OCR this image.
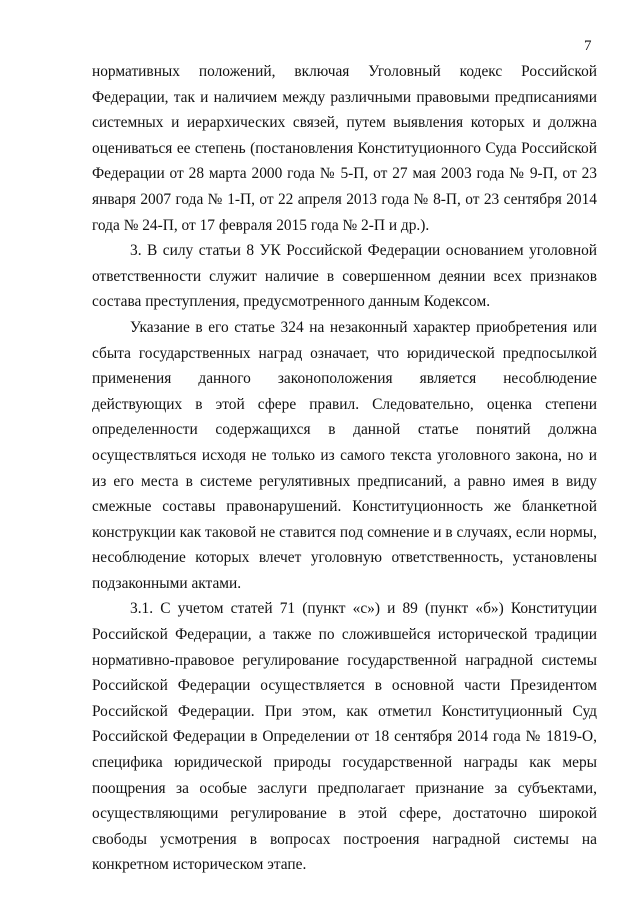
7

нормативных положений, включая Уголовный кодекс Российской Федерации, так и наличием между различными правовыми предписаниями системных и иерархических связей, путем выявления которых и должна оцениваться ее степень (постановления Конституционного Суда Российской Федерации от 28 марта 2000 года № 5-П, от 27 мая 2003 года № 9-П, от 23 января 2007 года № 1-П, от 22 апреля 2013 года № 8-П, от 23 сентября 2014 года № 24-П, от 17 февраля 2015 года № 2-П и др.).

3. В силу статьи 8 УК Российской Федерации основанием уголовной ответственности служит наличие в совершенном деянии всех признаков состава преступления, предусмотренного данным Кодексом.

Указание в его статье 324 на незаконный характер приобретения или сбыта государственных наград означает, что юридической предпосылкой применения данного законоположения является несоблюдение действующих в этой сфере правил. Следовательно, оценка степени определенности содержащихся в данной статье понятий должна осуществляться исходя не только из самого текста уголовного закона, но и из его места в системе регулятивных предписаний, а равно имея в виду смежные составы правонарушений. Конституционность же бланкетной конструкции как таковой не ставится под сомнение и в случаях, если нормы, несоблюдение которых влечет уголовную ответственность, установлены подзаконными актами.

3.1. С учетом статей 71 (пункт «с») и 89 (пункт «б») Конституции Российской Федерации, а также по сложившейся исторической традиции нормативно-правовое регулирование государственной наградной системы Российской Федерации осуществляется в основной части Президентом Российской Федерации. При этом, как отметил Конституционный Суд Российской Федерации в Определении от 18 сентября 2014 года № 1819-О, специфика юридической природы государственной награды как меры поощрения за особые заслуги предполагает признание за субъектами, осуществляющими регулирование в этой сфере, достаточно широкой свободы усмотрения в вопросах построения наградной системы на конкретном историческом этапе.
